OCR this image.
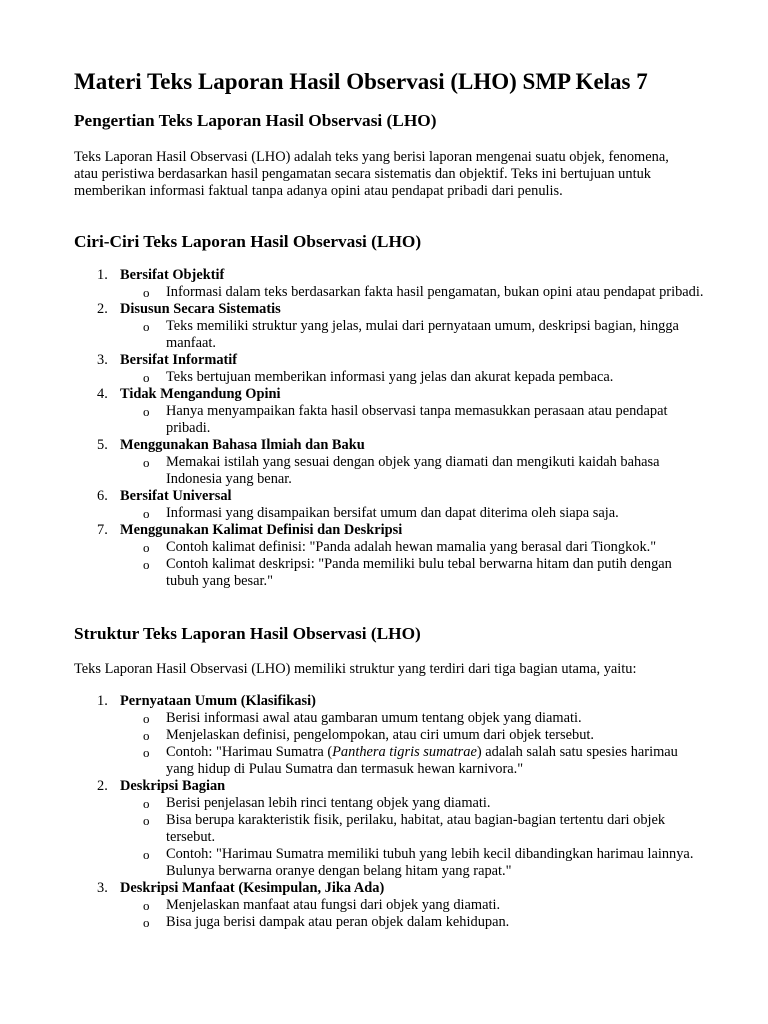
Materi Teks Laporan Hasil Observasi (LHO) SMP Kelas 7
Pengertian Teks Laporan Hasil Observasi (LHO)

Teks Laporan Hasil Observasi (LHO) adalah teks yang berisi laporan mengenai suatu objek, fenomena, atau peristiwa berdasarkan hasil pengamatan secara sistematis dan objektif. Teks ini bertujuan untuk memberikan informasi faktual tanpa adanya opini atau pendapat pribadi dari penulis.

Ciri-Ciri Teks Laporan Hasil Observasi (LHO)
1. Bersifat Objektif
o Informasi dalam teks berdasarkan fakta hasil pengamatan, bukan opini atau pendapat pribadi.
2. Disusun Secara Sistematis
o Teks memiliki struktur yang jelas, mulai dari pernyataan umum, deskripsi bagian, hingga manfaat.
3. Bersifat Informatif
o Teks bertujuan memberikan informasi yang jelas dan akurat kepada pembaca.
4. Tidak Mengandung Opini
o Hanya menyampaikan fakta hasil observasi tanpa memasukkan perasaan atau pendapat pribadi.
5. Menggunakan Bahasa Ilmiah dan Baku
o Memakai istilah yang sesuai dengan objek yang diamati dan mengikuti kaidah bahasa Indonesia yang benar.
6. Bersifat Universal
o Informasi yang disampaikan bersifat umum dan dapat diterima oleh siapa saja.
7. Menggunakan Kalimat Definisi dan Deskripsi
o Contoh kalimat definisi: "Panda adalah hewan mamalia yang berasal dari Tiongkok."
o Contoh kalimat deskripsi: "Panda memiliki bulu tebal berwarna hitam dan putih dengan tubuh yang besar."
Struktur Teks Laporan Hasil Observasi (LHO)

Teks Laporan Hasil Observasi (LHO) memiliki struktur yang terdiri dari tiga bagian utama, yaitu:

1. Pernyataan Umum (Klasifikasi)
o Berisi informasi awal atau gambaran umum tentang objek yang diamati.
o Menjelaskan definisi, pengelompokan, atau ciri umum dari objek tersebut.
o Contoh: "Harimau Sumatra (Panthera tigris sumatrae) adalah salah satu spesies harimau yang hidup di Pulau Sumatra dan termasuk hewan karnivora."
2. Deskripsi Bagian
o Berisi penjelasan lebih rinci tentang objek yang diamati.
o Bisa berupa karakteristik fisik, perilaku, habitat, atau bagian-bagian tertentu dari objek tersebut.
o Contoh: "Harimau Sumatra memiliki tubuh yang lebih kecil dibandingkan harimau lainnya. Bulunya berwarna oranye dengan belang hitam yang rapat."
3. Deskripsi Manfaat (Kesimpulan, Jika Ada)
o Menjelaskan manfaat atau fungsi dari objek yang diamati.
o Bisa juga berisi dampak atau peran objek dalam kehidupan.
